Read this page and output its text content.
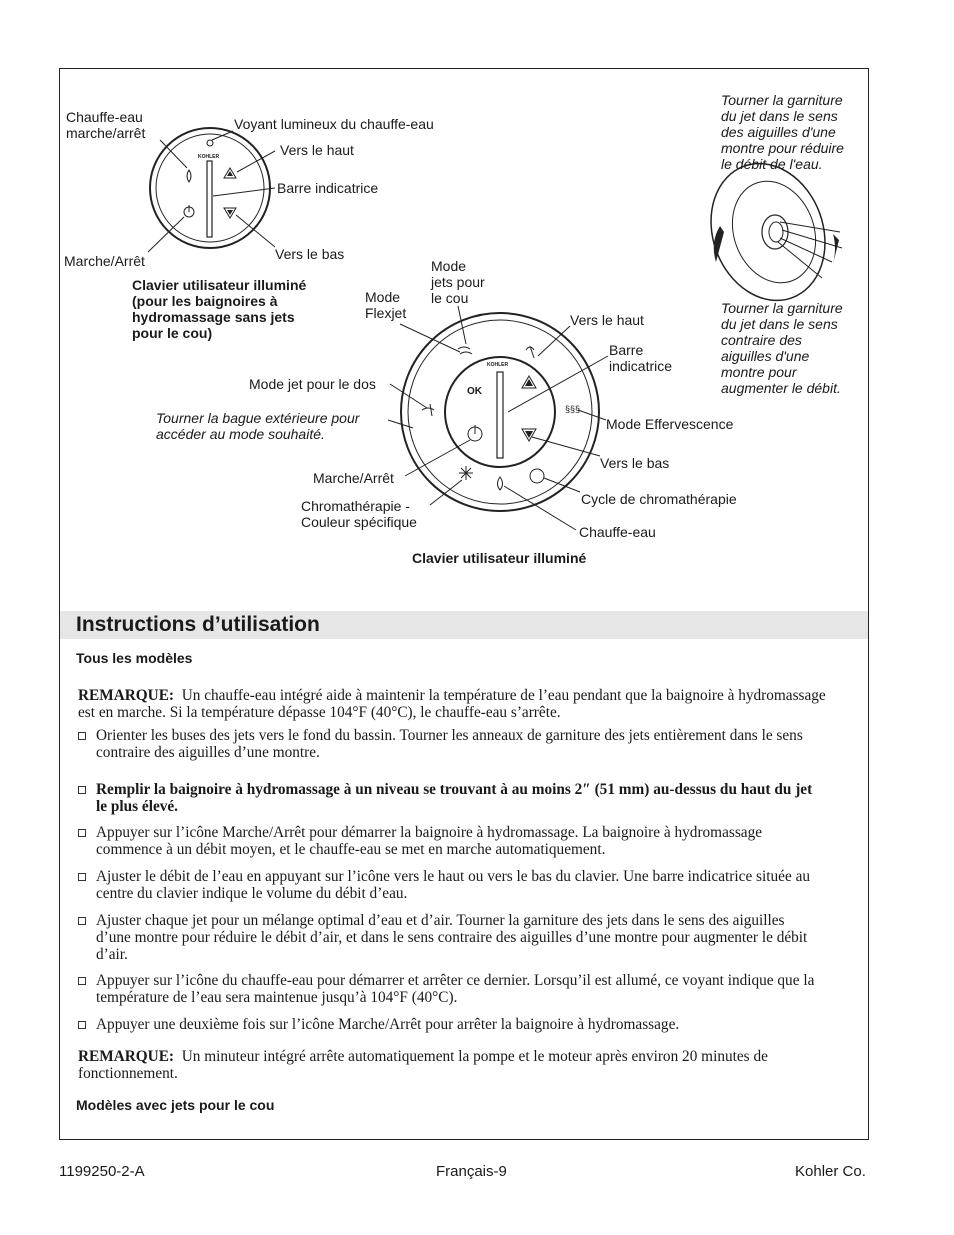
Chauffe-eau
marche/arrêt
Voyant lumineux du chauffe-eau
Vers le haut
Barre indicatrice
Vers le bas
Marche/Arrêt
KOHLER
Clavier utilisateur illuminé
(pour les baignoires à
hydromassage sans jets
pour le cou)
§§§
Mode
jets pour
le cou
Mode
Flexjet	Vers le haut
Barre
indicatrice
Mode jet pour le dos
Tourner la bague extérieure pour
accéder au mode souhaité.
Mode Effervescence
Vers le bas
Marche/Arrêt
Cycle de chromathérapie
Chromathérapie -
Couleur spécifique
Chauffe-eau
OK
KOHLER
Clavier utilisateur illuminé
Tourner la garniture
du jet dans le sens
des aiguilles d'une
montre pour réduire
le débit de l'eau.
Tourner la garniture
du jet dans le sens
contraire des
aiguilles d'une
montre pour
augmenter le débit.
Instructions d’utilisation
Tous les modèles
REMARQUE: Un chauffe-eau intégré aide à maintenir la température de l’eau pendant que la baignoire à hydromassage est en marche. Si la température dépasse 104°F (40°C), le chauffe-eau s’arrête.
Orienter les buses des jets vers le fond du bassin. Tourner les anneaux de garniture des jets entièrement dans le sens contraire des aiguilles d’une montre.
Remplir la baignoire à hydromassage à un niveau se trouvant à au moins 2″ (51 mm) au-dessus du haut du jet le plus élevé.
Appuyer sur l’icône Marche/Arrêt pour démarrer la baignoire à hydromassage. La baignoire à hydromassage commence à un débit moyen, et le chauffe-eau se met en marche automatiquement.
Ajuster le débit de l’eau en appuyant sur l’icône vers le haut ou vers le bas du clavier. Une barre indicatrice située au centre du clavier indique le volume du débit d’eau.
Ajuster chaque jet pour un mélange optimal d’eau et d’air. Tourner la garniture des jets dans le sens des aiguilles d’une montre pour réduire le débit d’air, et dans le sens contraire des aiguilles d’une montre pour augmenter le débit d’air.
Appuyer sur l’icône du chauffe-eau pour démarrer et arrêter ce dernier. Lorsqu’il est allumé, ce voyant indique que la température de l’eau sera maintenue jusqu’à 104°F (40°C).
Appuyer une deuxième fois sur l’icône Marche/Arrêt pour arrêter la baignoire à hydromassage.
REMARQUE: Un minuteur intégré arrête automatiquement la pompe et le moteur après environ 20 minutes de fonctionnement.
Modèles avec jets pour le cou
1199250-2-A	Français-9	Kohler Co.
